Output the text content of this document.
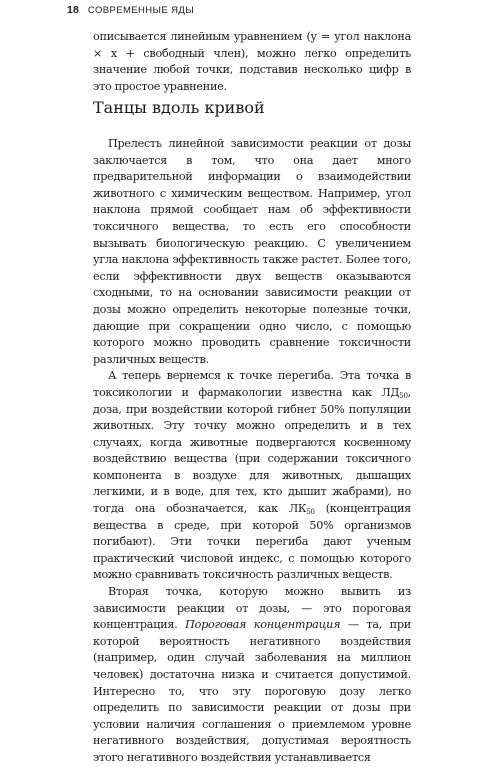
18 СОВРЕМЕННЫЕ ЯДЫ

описывается линейным уравнением (y = угол наклона × x + свободный член), можно легко определить значение любой точки, подставив несколько цифр в это простое уравнение.

Танцы вдоль кривой

Прелесть линейной зависимости реакции от дозы заключается в том, что она дает много предварительной информации о взаимодействии животного с химическим веществом. Например, угол наклона прямой сообщает нам об эффективности токсичного вещества, то есть его способности вызывать биологическую реакцию. С увеличением угла наклона эффективность также растет. Более того, если эффективности двух веществ оказываются сходными, то на основании зависимости реакции от дозы можно определить некоторые полезные точки, дающие при сокращении одно число, с помощью которого можно проводить сравнение токсичности различных веществ.

А теперь вернемся к точке перегиба. Эта точка в токсикологии и фармакологии известна как $ЛД_{50}$, доза, при воздействии которой гибнет 50% популяции животных. Эту точку можно определить и в тех случаях, когда животные подвергаются косвенному воздействию вещества (при содержании токсичного компонента в воздухе для животных, дышащих легкими, и в воде, для тех, кто дышит жабрами), но тогда она обозначается, как $ЛК_{50}$ (концентрация вещества в среде, при которой 50% организмов погибают). Эти точки перегиба дают ученым практический числовой индекс, с помощью которого можно сравнивать токсичность различных веществ.

Вторая точка, которую можно вывить из зависимости реакции от дозы, — это пороговая концентрация. Пороговая концентрация — та, при которой вероятность негативного воздействия (например, один случай заболевания на миллион человек) достаточна низка и считается допустимой. Интересно то, что эту пороговую дозу легко определить по зависимости реакции от дозы при условии наличия соглашения о приемлемом уровне негативного воздействия, допустимая вероятность этого негативного воздействия устанавливается
